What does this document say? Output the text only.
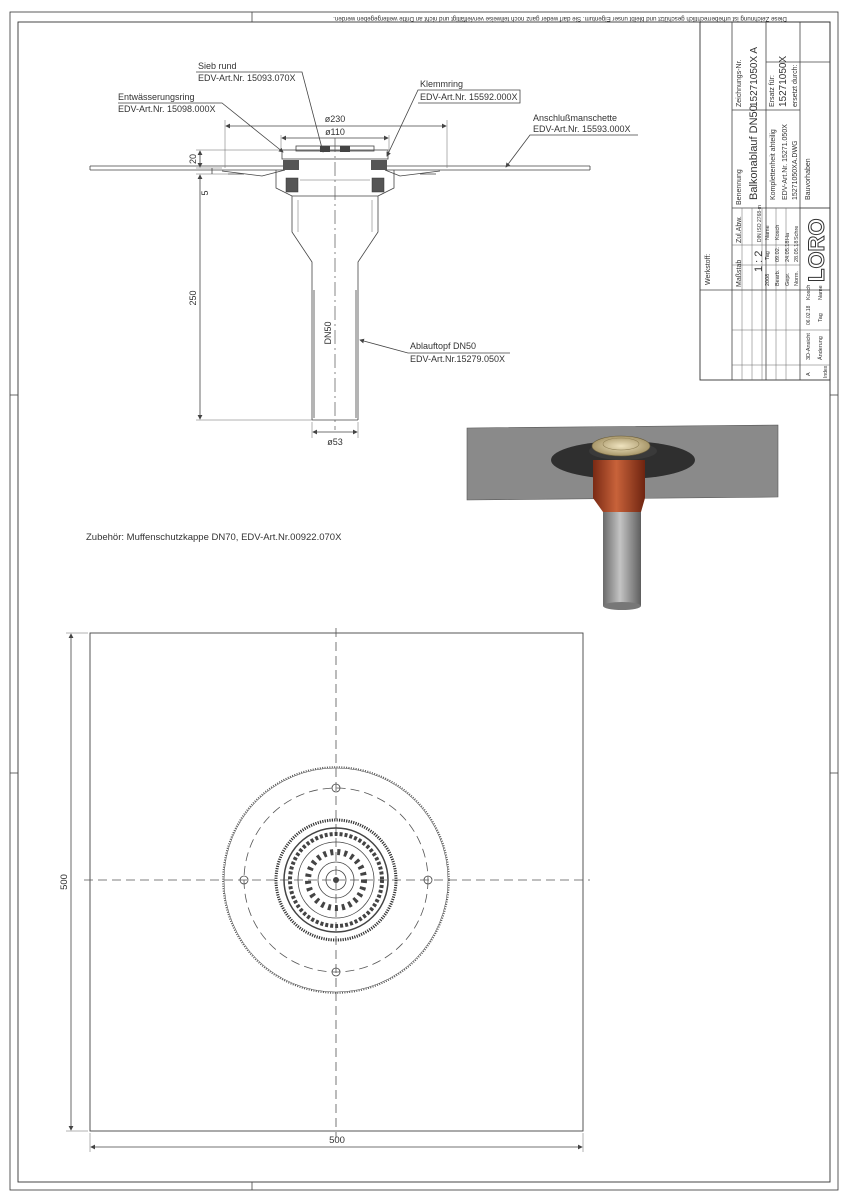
Diese Zeichnung ist urheberrechtlich geschützt und bleibt unser Eigentum. Sie darf weder ganz noch teilweise vervielfältigt und nicht an Dritte weitergegeben werden.
Sieb rund
EDV-Art.Nr. 15093.070X
Entwässerungsring
EDV-Art.Nr. 15098.000X
Klemmring
EDV-Art.Nr. 15592.000X
Anschlußmanschette
EDV-Art.Nr. 15593.000X
Ablauftopf DN50
EDV-Art.Nr.15279.050X
ø230
ø110
ø53
20
5
250
DN50
Zubehör: Muffenschutzkappe DN70, EDV-Art.Nr.00922.070X
500
500
Werkstoff:	Maßstab 1 : 2
Zul.Abw.	DIN ISO 2768-m
Benennung Balkonablauf DN50 Komplettenheit ahteilig EDV-Art.Nr. 15271.050X 15271050XA.DWG
Zeichnungs-Nr. 15271050X A Ersatz für: 15271050X ersetzt durch:
Bauvorhaben
2008
Tag
Name
Bearb.
09.02.
Kosch
Gepr.
24.05.18
Ha
Norm.
28.05.18
Schre
A
3D-Ansicht
06.02.18
Kosch
Änderung
Tag
Name
Index
LORO
